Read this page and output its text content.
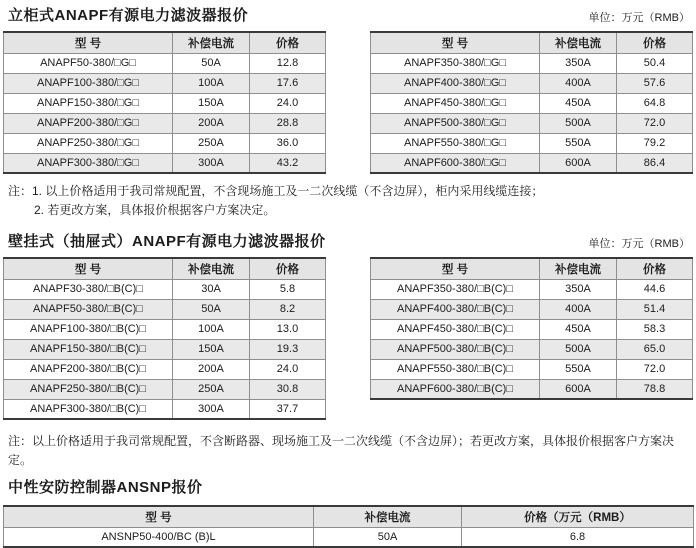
立柜式ANAPF有源电力滤波器报价	单位：万元（RMB）
型 号	补偿电流	价格
ANAPF50-380/□G□	50A	12.8
ANAPF100-380/□G□	100A	17.6
ANAPF150-380/□G□	150A	24.0
ANAPF200-380/□G□	200A	28.8
ANAPF250-380/□G□	250A	36.0
ANAPF300-380/□G□	300A	43.2
型 号	补偿电流	价格
ANAPF350-380/□G□	350A	50.4
ANAPF400-380/□G□	400A	57.6
ANAPF450-380/□G□	450A	64.8
ANAPF500-380/□G□	500A	72.0
ANAPF550-380/□G□	550A	79.2
ANAPF600-380/□G□	600A	86.4

注：1. 以上价格适用于我司常规配置，不含现场施工及一二次线缆（不含边屏），柜内采用线缆连接；

2. 若更改方案，具体报价根据客户方案决定。

壁挂式（抽屉式）ANAPF有源电力滤波器报价	单位：万元（RMB）
型 号	补偿电流	价格
ANAPF30-380/□B(C)□	30A	5.8
ANAPF50-380/□B(C)□	50A	8.2
ANAPF100-380/□B(C)□	100A	13.0
ANAPF150-380/□B(C)□	150A	19.3
ANAPF200-380/□B(C)□	200A	24.0
ANAPF250-380/□B(C)□	250A	30.8
ANAPF300-380/□B(C)□	300A	37.7
型 号	补偿电流	价格
ANAPF350-380/□B(C)□	350A	44.6
ANAPF400-380/□B(C)□	400A	51.4
ANAPF450-380/□B(C)□	450A	58.3
ANAPF500-380/□B(C)□	500A	65.0
ANAPF550-380/□B(C)□	550A	72.0
ANAPF600-380/□B(C)□	600A	78.8

注：以上价格适用于我司常规配置，不含断路器、现场施工及一二次线缆（不含边屏）；若更改方案，具体报价根据客户方案决定。

中性安防控制器ANSNP报价
型 号	补偿电流	价格（万元（RMB）
ANSNP50-400/BC (B)L	50A	6.8
